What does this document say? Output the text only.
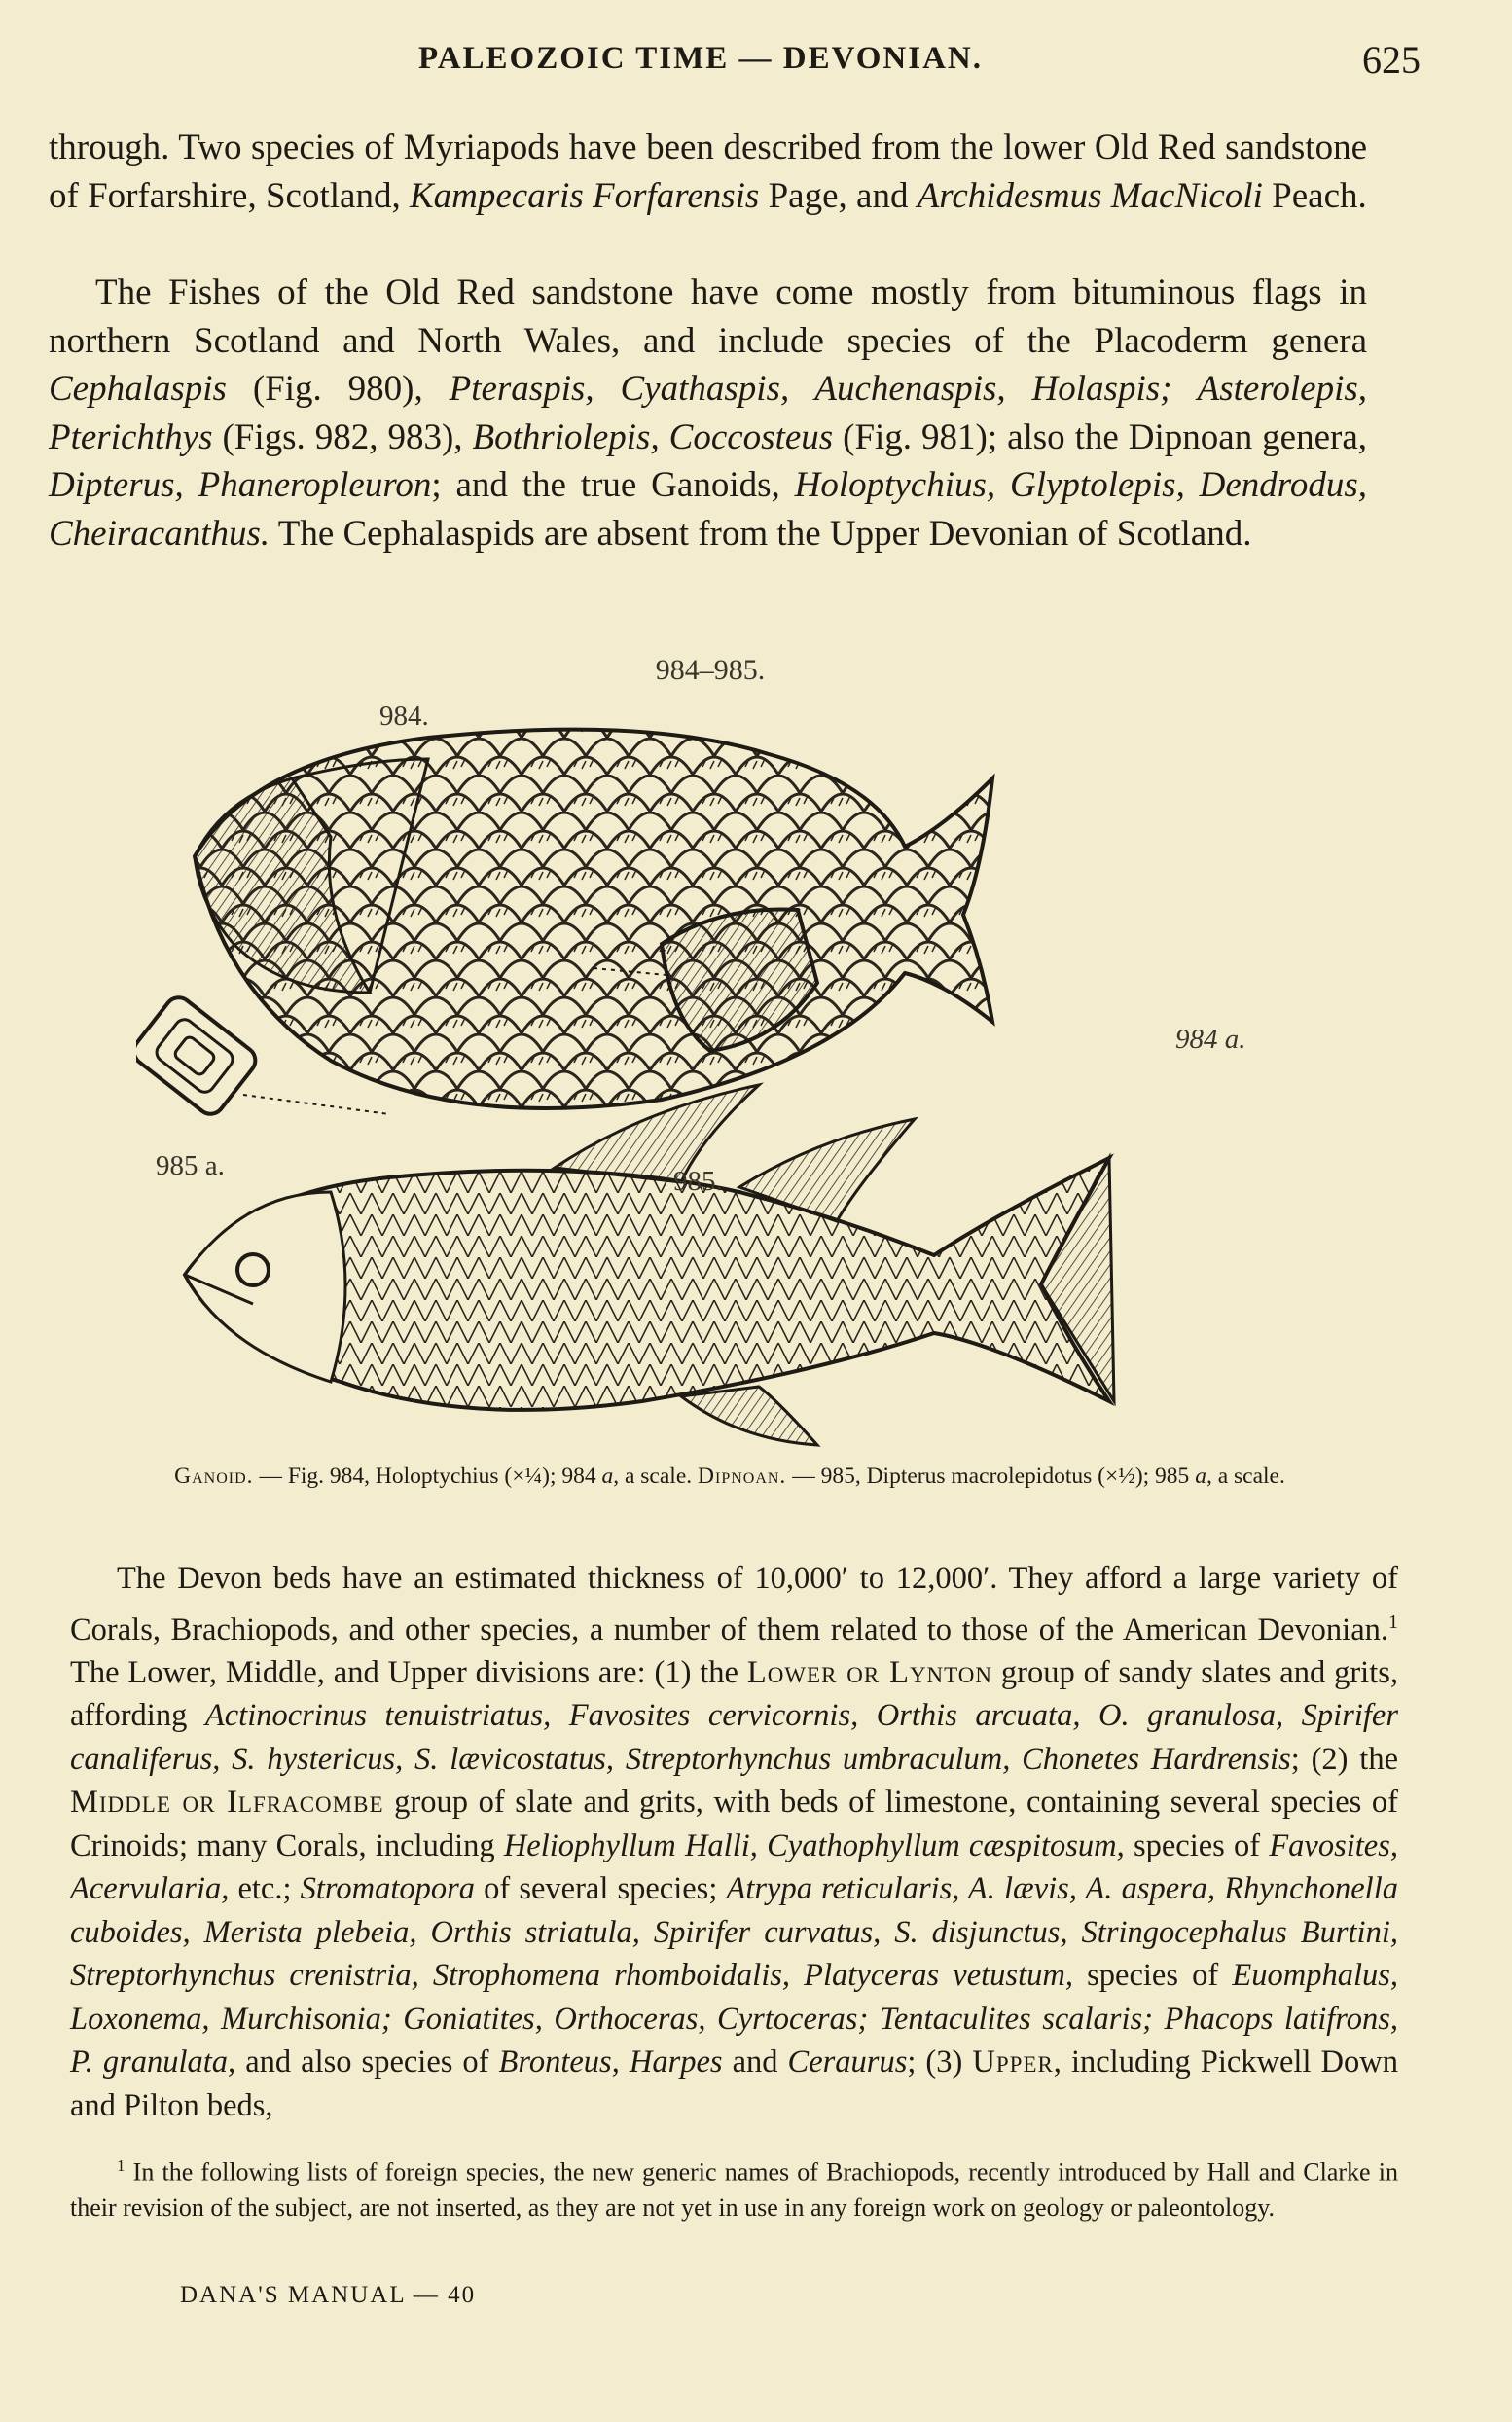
PALEOZOIC TIME — DEVONIAN.	625

through. Two species of Myriapods have been described from the lower Old Red sandstone of Forfarshire, Scotland, Kampecaris Forfarensis Page, and Archidesmus MacNicoli Peach.

The Fishes of the Old Red sandstone have come mostly from bituminous flags in northern Scotland and North Wales, and include species of the Placoderm genera Cephalaspis (Fig. 980), Pteraspis, Cyathaspis, Auchenaspis, Holaspis; Asterolepis, Pterichthys (Figs. 982, 983), Bothriolepis, Coccosteus (Fig. 981); also the Dipnoan genera, Dipterus, Phaneropleuron; and the true Ganoids, Holoptychius, Glyptolepis, Dendrodus, Cheiracanthus. The Cephalaspids are absent from the Upper Devonian of Scotland.

984–985.
984.
984 a.
985 a.	985.
Ganoid. — Fig. 984, Holoptychius (×¼); 984 a, a scale. Dipnoan. — 985, Dipterus macrolepidotus (×½); 985 a, a scale.

The Devon beds have an estimated thickness of 10,000′ to 12,000′. They afford a large variety of Corals, Brachiopods, and other species, a number of them related to those of the American Devonian.$^1$ The Lower, Middle, and Upper divisions are: (1) the Lower or Lynton group of sandy slates and grits, affording Actinocrinus tenuistriatus, Favosites cervicornis, Orthis arcuata, O. granulosa, Spirifer canaliferus, S. hystericus, S. lævicostatus, Streptorhynchus umbraculum, Chonetes Hardrensis; (2) the Middle or Ilfracombe group of slate and grits, with beds of limestone, containing several species of Crinoids; many Corals, including Heliophyllum Halli, Cyathophyllum cæspitosum, species of Favosites, Acervularia, etc.; Stromatopora of several species; Atrypa reticularis, A. lævis, A. aspera, Rhynchonella cuboides, Merista plebeia, Orthis striatula, Spirifer curvatus, S. disjunctus, Stringocephalus Burtini, Streptorhynchus crenistria, Strophomena rhomboidalis, Platyceras vetustum, species of Euomphalus, Loxonema, Murchisonia; Goniatites, Orthoceras, Cyrtoceras; Tentaculites scalaris; Phacops latifrons, P. granulata, and also species of Bronteus, Harpes and Ceraurus; (3) Upper, including Pickwell Down and Pilton beds,

$^1$ In the following lists of foreign species, the new generic names of Brachiopods, recently introduced by Hall and Clarke in their revision of the subject, are not inserted, as they are not yet in use in any foreign work on geology or paleontology.

DANA'S MANUAL — 40
